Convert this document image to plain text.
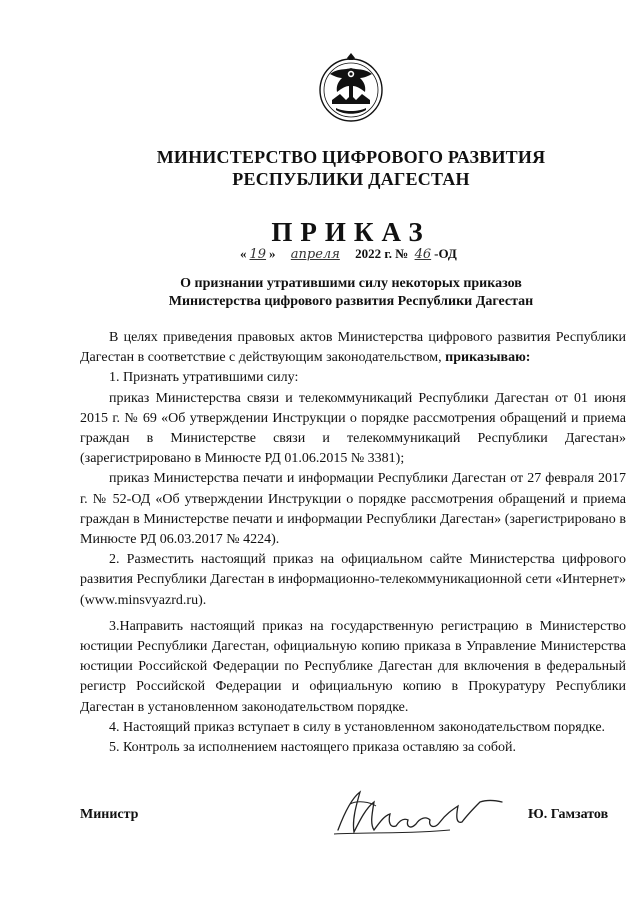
МИНИСТЕРСТВО ЦИФРОВОГО РАЗВИТИЯ
РЕСПУБЛИКИ ДАГЕСТАН
ПРИКАЗ
« 19 » апреля 2022 г. № 46 -ОД
О признании утратившими силу некоторых приказов
Министерства цифрового развития Республики Дагестан

В целях приведения правовых актов Министерства цифрового развития Республики Дагестан в соответствие с действующим законодательством, приказываю:

1. Признать утратившими силу:

приказ Министерства связи и телекоммуникаций Республики Дагестан от 01 июня 2015 г. № 69 «Об утверждении Инструкции о порядке рассмотрения обращений и приема граждан в Министерстве связи и телекоммуникаций Республики Дагестан» (зарегистрировано в Минюсте РД 01.06.2015 № 3381);

приказ Министерства печати и информации Республики Дагестан от 27 февраля 2017 г. № 52-ОД «Об утверждении Инструкции о порядке рассмотрения обращений и приема граждан в Министерстве печати и информации Республики Дагестан» (зарегистрировано в Минюсте РД 06.03.2017 № 4224).

2. Разместить настоящий приказ на официальном сайте Министерства цифрового развития Республики Дагестан в информационно-телекоммуникационной сети «Интернет» (www.minsvyazrd.ru).

3.Направить настоящий приказ на государственную регистрацию в Министерство юстиции Республики Дагестан, официальную копию приказа в Управление Министерства юстиции Российской Федерации по Республике Дагестан для включения в федеральный регистр Российской Федерации и официальную копию в Прокуратуру Республики Дагестан в установленном законодательством порядке.

4. Настоящий приказ вступает в силу в установленном законодательством порядке.

5. Контроль за исполнением настоящего приказа оставляю за собой.

Министр	Ю. Гамзатов
